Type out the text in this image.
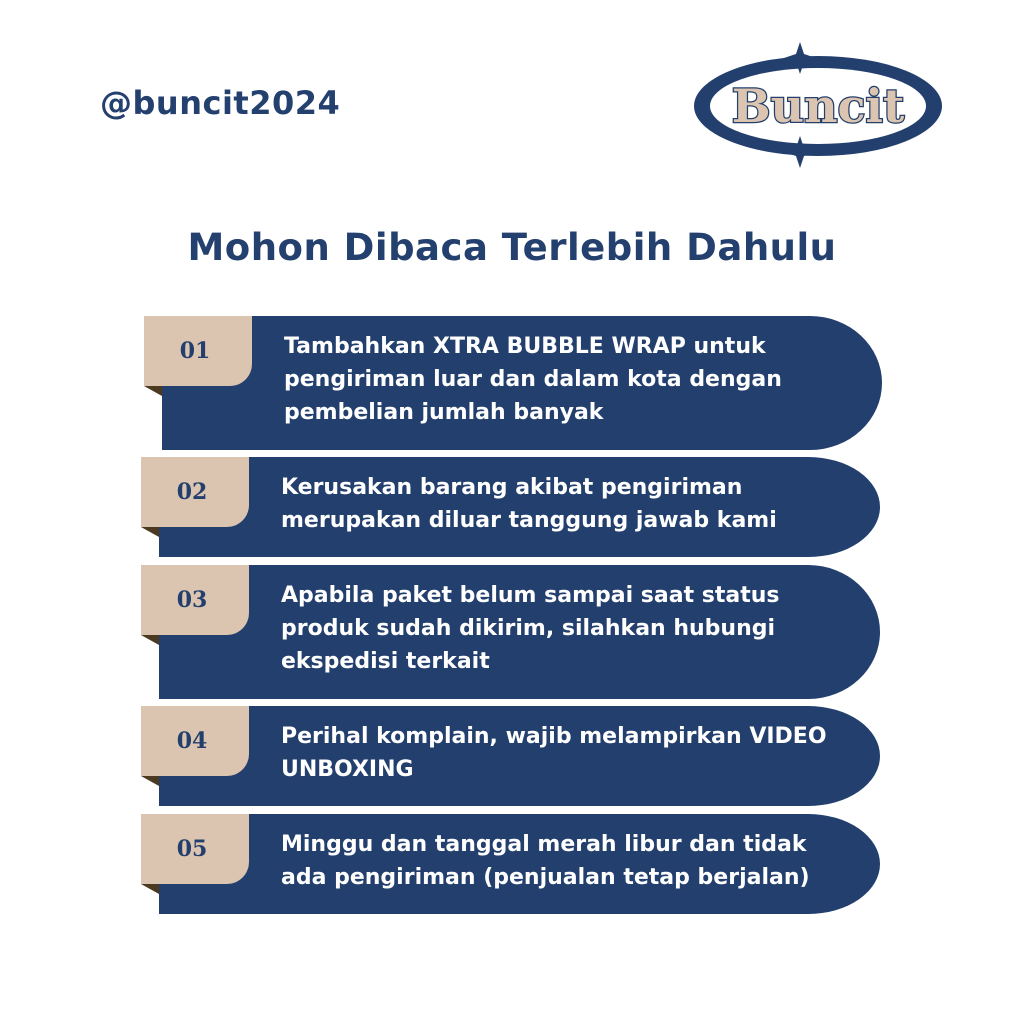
@buncit2024	Buncit
Mohon Dibaca Terlebih Dahulu
01	Tambahkan XTRA BUBBLE WRAP untuk
pengiriman luar dan dalam kota dengan
pembelian jumlah banyak
02	Kerusakan barang akibat pengiriman
merupakan diluar tanggung jawab kami
03	Apabila paket belum sampai saat status
produk sudah dikirim, silahkan hubungi
ekspedisi terkait
04	Perihal komplain, wajib melampirkan VIDEO
UNBOXING
05	Minggu dan tanggal merah libur dan tidak
ada pengiriman (penjualan tetap berjalan)
